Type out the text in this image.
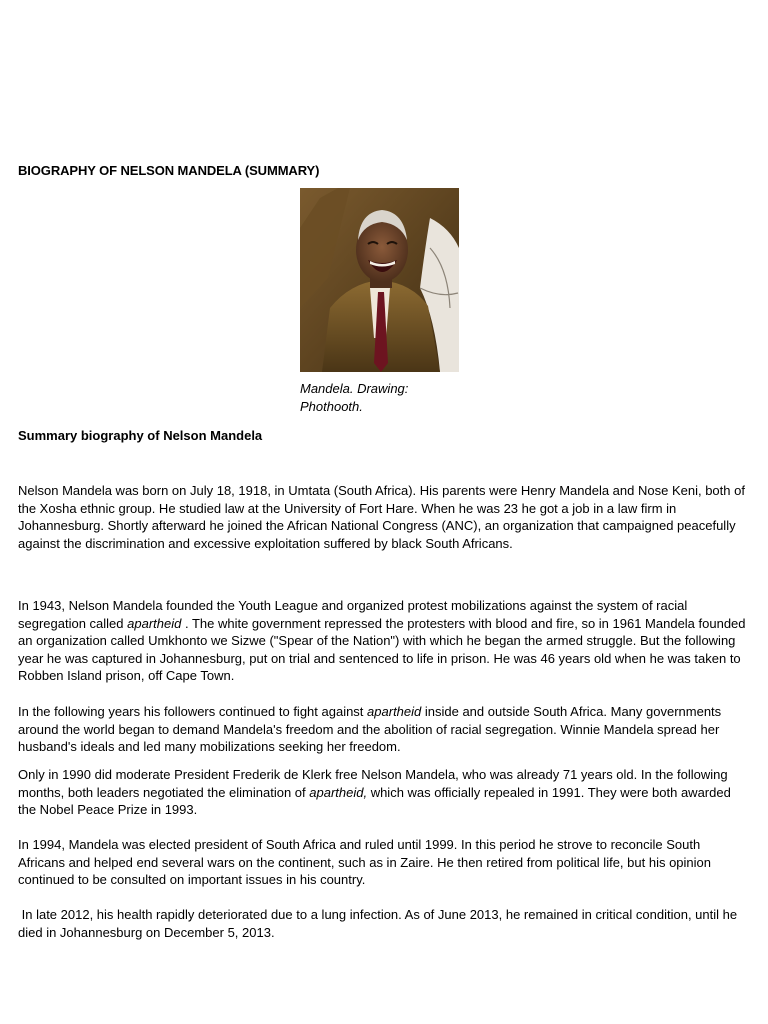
BIOGRAPHY OF NELSON MANDELA (SUMMARY)
Mandela. Drawing:
Phothooth.
Summary biography of Nelson Mandela

Nelson Mandela was born on July 18, 1918, in Umtata (South Africa). His parents were Henry Mandela and Nose Keni, both of the Xosha ethnic group. He studied law at the University of Fort Hare. When he was 23 he got a job in a law firm in Johannesburg. Shortly afterward he joined the African National Congress (ANC), an organization that campaigned peacefully against the discrimination and excessive exploitation suffered by black South Africans.

In 1943, Nelson Mandela founded the Youth League and organized protest mobilizations against the system of racial segregation called apartheid . The white government repressed the protesters with blood and fire, so in 1961 Mandela founded an organization called Umkhonto we Sizwe ("Spear of the Nation") with which he began the armed struggle. But the following year he was captured in Johannesburg, put on trial and sentenced to life in prison. He was 46 years old when he was taken to Robben Island prison, off Cape Town.

In the following years his followers continued to fight against apartheid inside and outside South Africa. Many governments around the world began to demand Mandela's freedom and the abolition of racial segregation. Winnie Mandela spread her husband's ideals and led many mobilizations seeking her freedom.

Only in 1990 did moderate President Frederik de Klerk free Nelson Mandela, who was already 71 years old. In the following months, both leaders negotiated the elimination of apartheid, which was officially repealed in 1991. They were both awarded the Nobel Peace Prize in 1993.

In 1994, Mandela was elected president of South Africa and ruled until 1999. In this period he strove to reconcile South Africans and helped end several wars on the continent, such as in Zaire. He then retired from political life, but his opinion continued to be consulted on important issues in his country.

In late 2012, his health rapidly deteriorated due to a lung infection. As of June 2013, he remained in critical condition, until he died in Johannesburg on December 5, 2013.
